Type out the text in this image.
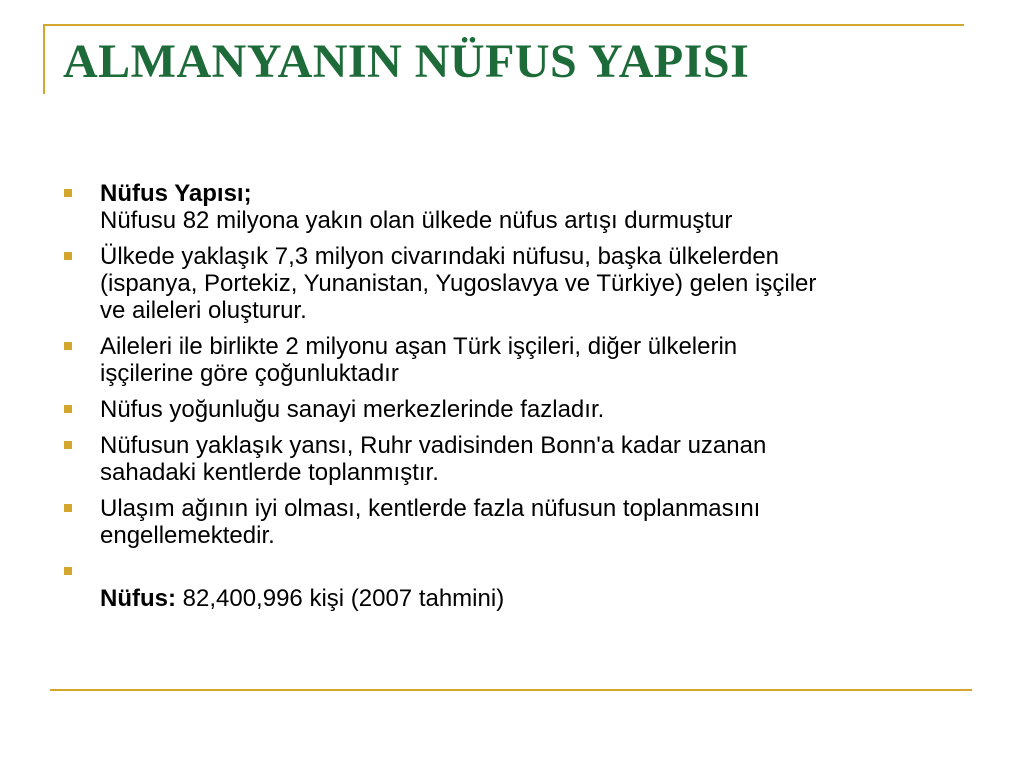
ALMANYANIN NÜFUS YAPISI
Nüfus Yapısı;
Nüfusu 82 milyona yakın olan ülkede nüfus artışı durmuştur
Ülkede yaklaşık 7,3 milyon civarındaki nüfusu, başka ülkelerden
(ispanya, Portekiz, Yunanistan, Yugoslavya ve Türkiye) gelen işçiler
ve aileleri oluşturur.
Aileleri ile birlikte 2 milyonu aşan Türk işçileri, diğer ülkelerin
işçilerine göre çoğunluktadır
Nüfus yoğunluğu sanayi merkezlerinde fazladır.
Nüfusun yaklaşık yansı, Ruhr vadisinden Bonn'a kadar uzanan
sahadaki kentlerde toplanmıştır.
Ulaşım ağının iyi olması, kentlerde fazla nüfusun toplanmasını
engellemektedir.

Nüfus: 82,400,996 kişi (2007 tahmini)
